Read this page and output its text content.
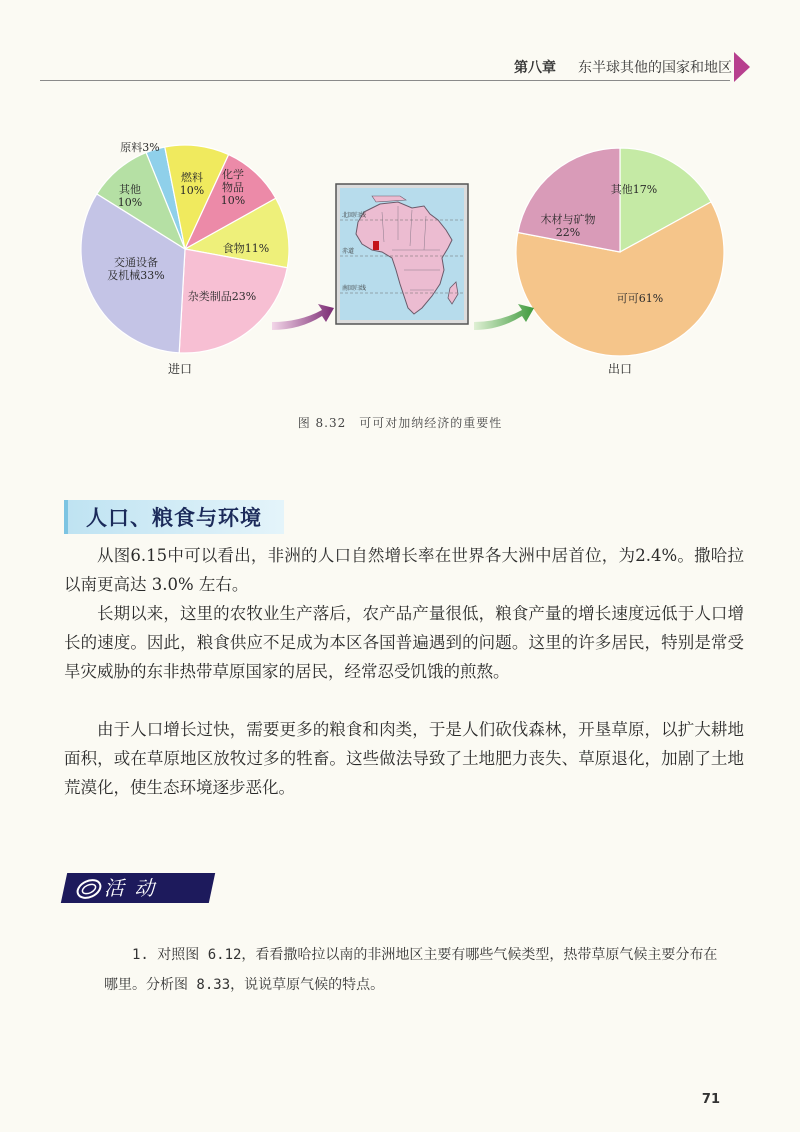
第八章 东半球其他的国家和地区
原料3%
燃料 10%
化学物品 10%
食物11%
杂类制品23%
交通设备及机械33%
其他 10%
进口
其他17%
可可61%
木材与矿物 22%
出口
北回归线
赤道
南回归线
图 8.32　可可对加纳经济的重要性
人口、粮食与环境

从图6.15中可以看出，非洲的人口自然增长率在世界各大洲中居首位，为2.4%。撒哈拉以南更高达 3.0% 左右。

长期以来，这里的农牧业生产落后，农产品产量很低，粮食产量的增长速度远低于人口增长的速度。因此，粮食供应不足成为本区各国普遍遇到的问题。这里的许多居民，特别是常受旱灾威胁的东非热带草原国家的居民，经常忍受饥饿的煎熬。

由于人口增长过快，需要更多的粮食和肉类，于是人们砍伐森林，开垦草原，以扩大耕地面积，或在草原地区放牧过多的牲畜。这些做法导致了土地肥力丧失、草原退化，加剧了土地荒漠化，使生态环境逐步恶化。

活 动

1. 对照图 6.12，看看撒哈拉以南的非洲地区主要有哪些气候类型，热带草原气候主要分布在哪里。分析图 8.33，说说草原气候的特点。

71
